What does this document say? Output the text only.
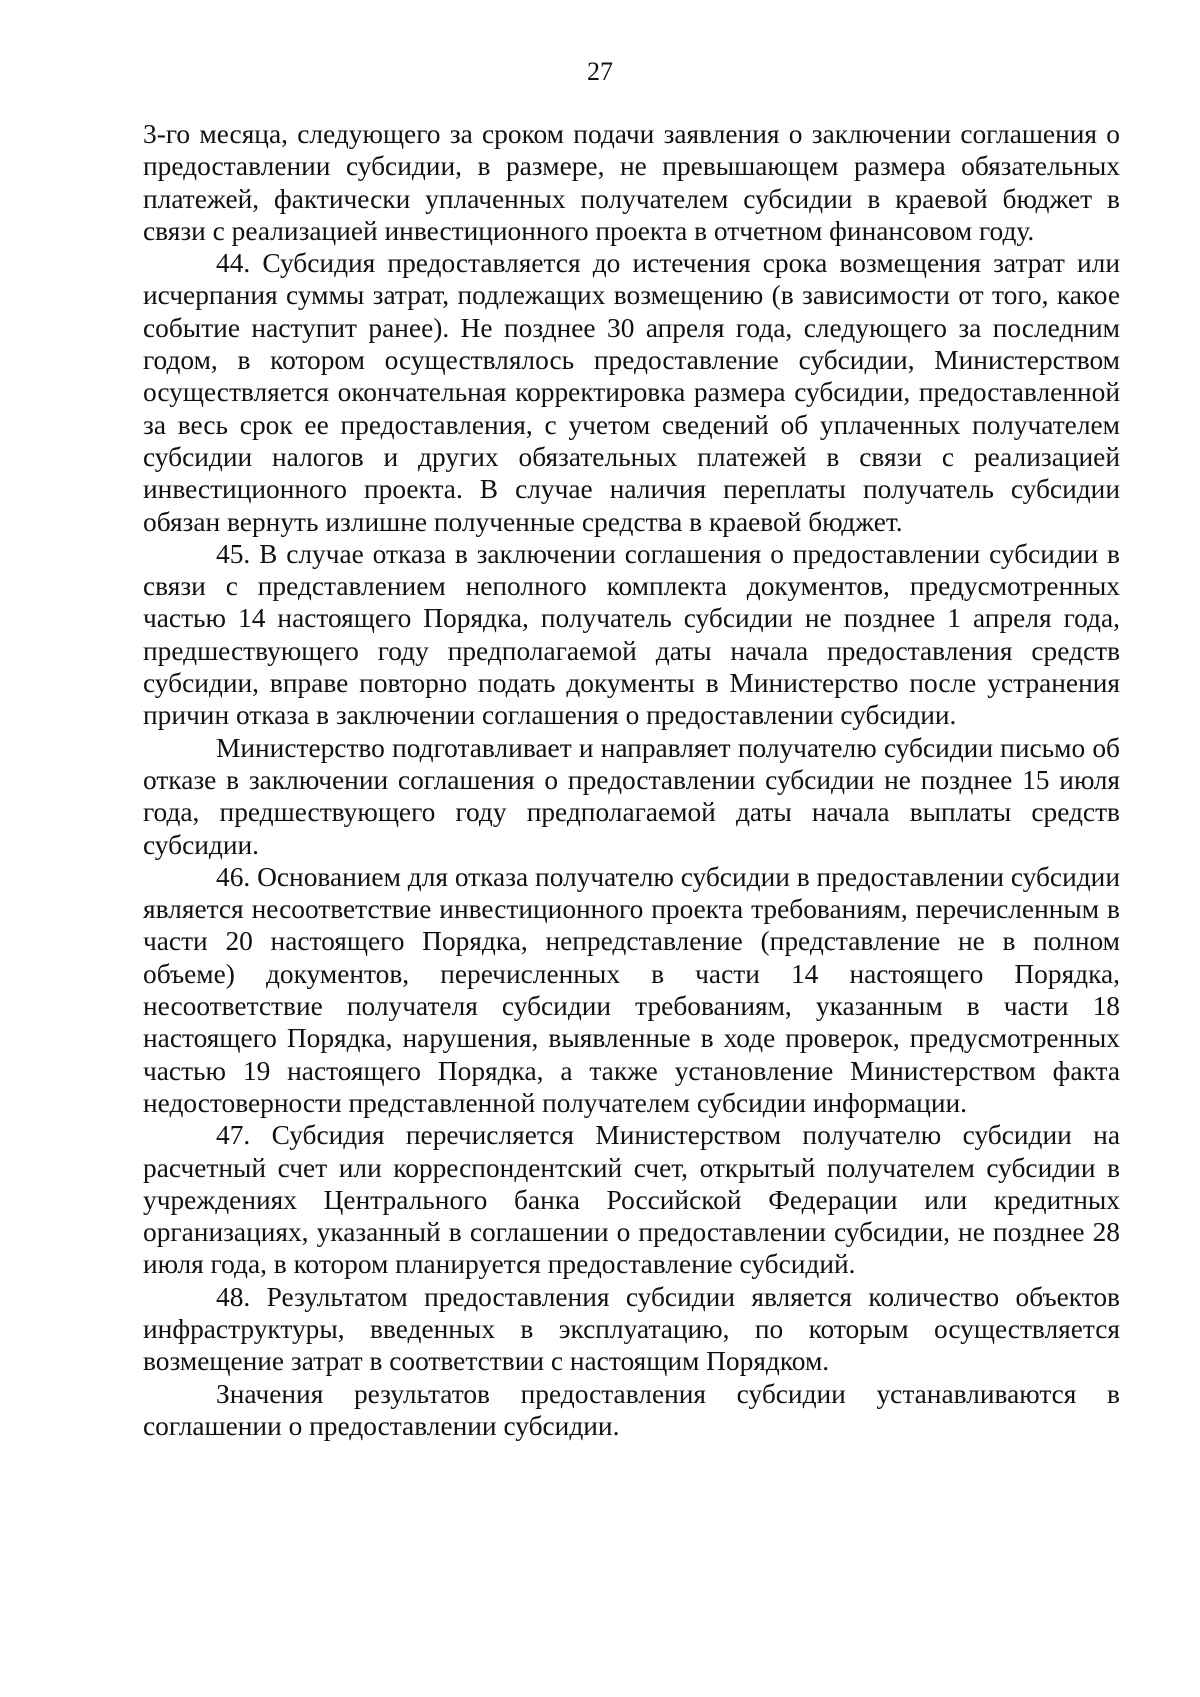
27

3-го месяца, следующего за сроком подачи заявления о заключении соглашения о предоставлении субсидии, в размере, не превышающем размера обязательных платежей, фактически уплаченных получателем субсидии в краевой бюджет в связи с реализацией инвестиционного проекта в отчетном финансовом году.

44. Субсидия предоставляется до истечения срока возмещения затрат или исчерпания суммы затрат, подлежащих возмещению (в зависимости от того, какое событие наступит ранее). Не позднее 30 апреля года, следующего за последним годом, в котором осуществлялось предоставление субсидии, Министерством осуществляется окончательная корректировка размера субсидии, предоставленной за весь срок ее предоставления, с учетом сведений об уплаченных получателем субсидии налогов и других обязательных платежей в связи с реализацией инвестиционного проекта. В случае наличия переплаты получатель субсидии обязан вернуть излишне полученные средства в краевой бюджет.

45. В случае отказа в заключении соглашения о предоставлении субсидии в связи с представлением неполного комплекта документов, предусмотренных частью 14 настоящего Порядка, получатель субсидии не позднее 1 апреля года, предшествующего году предполагаемой даты начала предоставления средств субсидии, вправе повторно подать документы в Министерство после устранения причин отказа в заключении соглашения о предоставлении субсидии.

Министерство подготавливает и направляет получателю субсидии письмо об отказе в заключении соглашения о предоставлении субсидии не позднее 15 июля года, предшествующего году предполагаемой даты начала выплаты средств субсидии.

46. Основанием для отказа получателю субсидии в предоставлении субсидии является несоответствие инвестиционного проекта требованиям, перечисленным в части 20 настоящего Порядка, непредставление (представление не в полном объеме) документов, перечисленных в части 14 настоящего Порядка, несоответствие получателя субсидии требованиям, указанным в части 18 настоящего Порядка, нарушения, выявленные в ходе проверок, предусмотренных частью 19 настоящего Порядка, а также установление Министерством факта недостоверности представленной получателем субсидии информации.

47. Субсидия перечисляется Министерством получателю субсидии на расчетный счет или корреспондентский счет, открытый получателем субсидии в учреждениях Центрального банка Российской Федерации или кредитных организациях, указанный в соглашении о предоставлении субсидии, не позднее 28 июля года, в котором планируется предоставление субсидий.

48. Результатом предоставления субсидии является количество объектов инфраструктуры, введенных в эксплуатацию, по которым осуществляется возмещение затрат в соответствии с настоящим Порядком.

Значения результатов предоставления субсидии устанавливаются в соглашении о предоставлении субсидии.
